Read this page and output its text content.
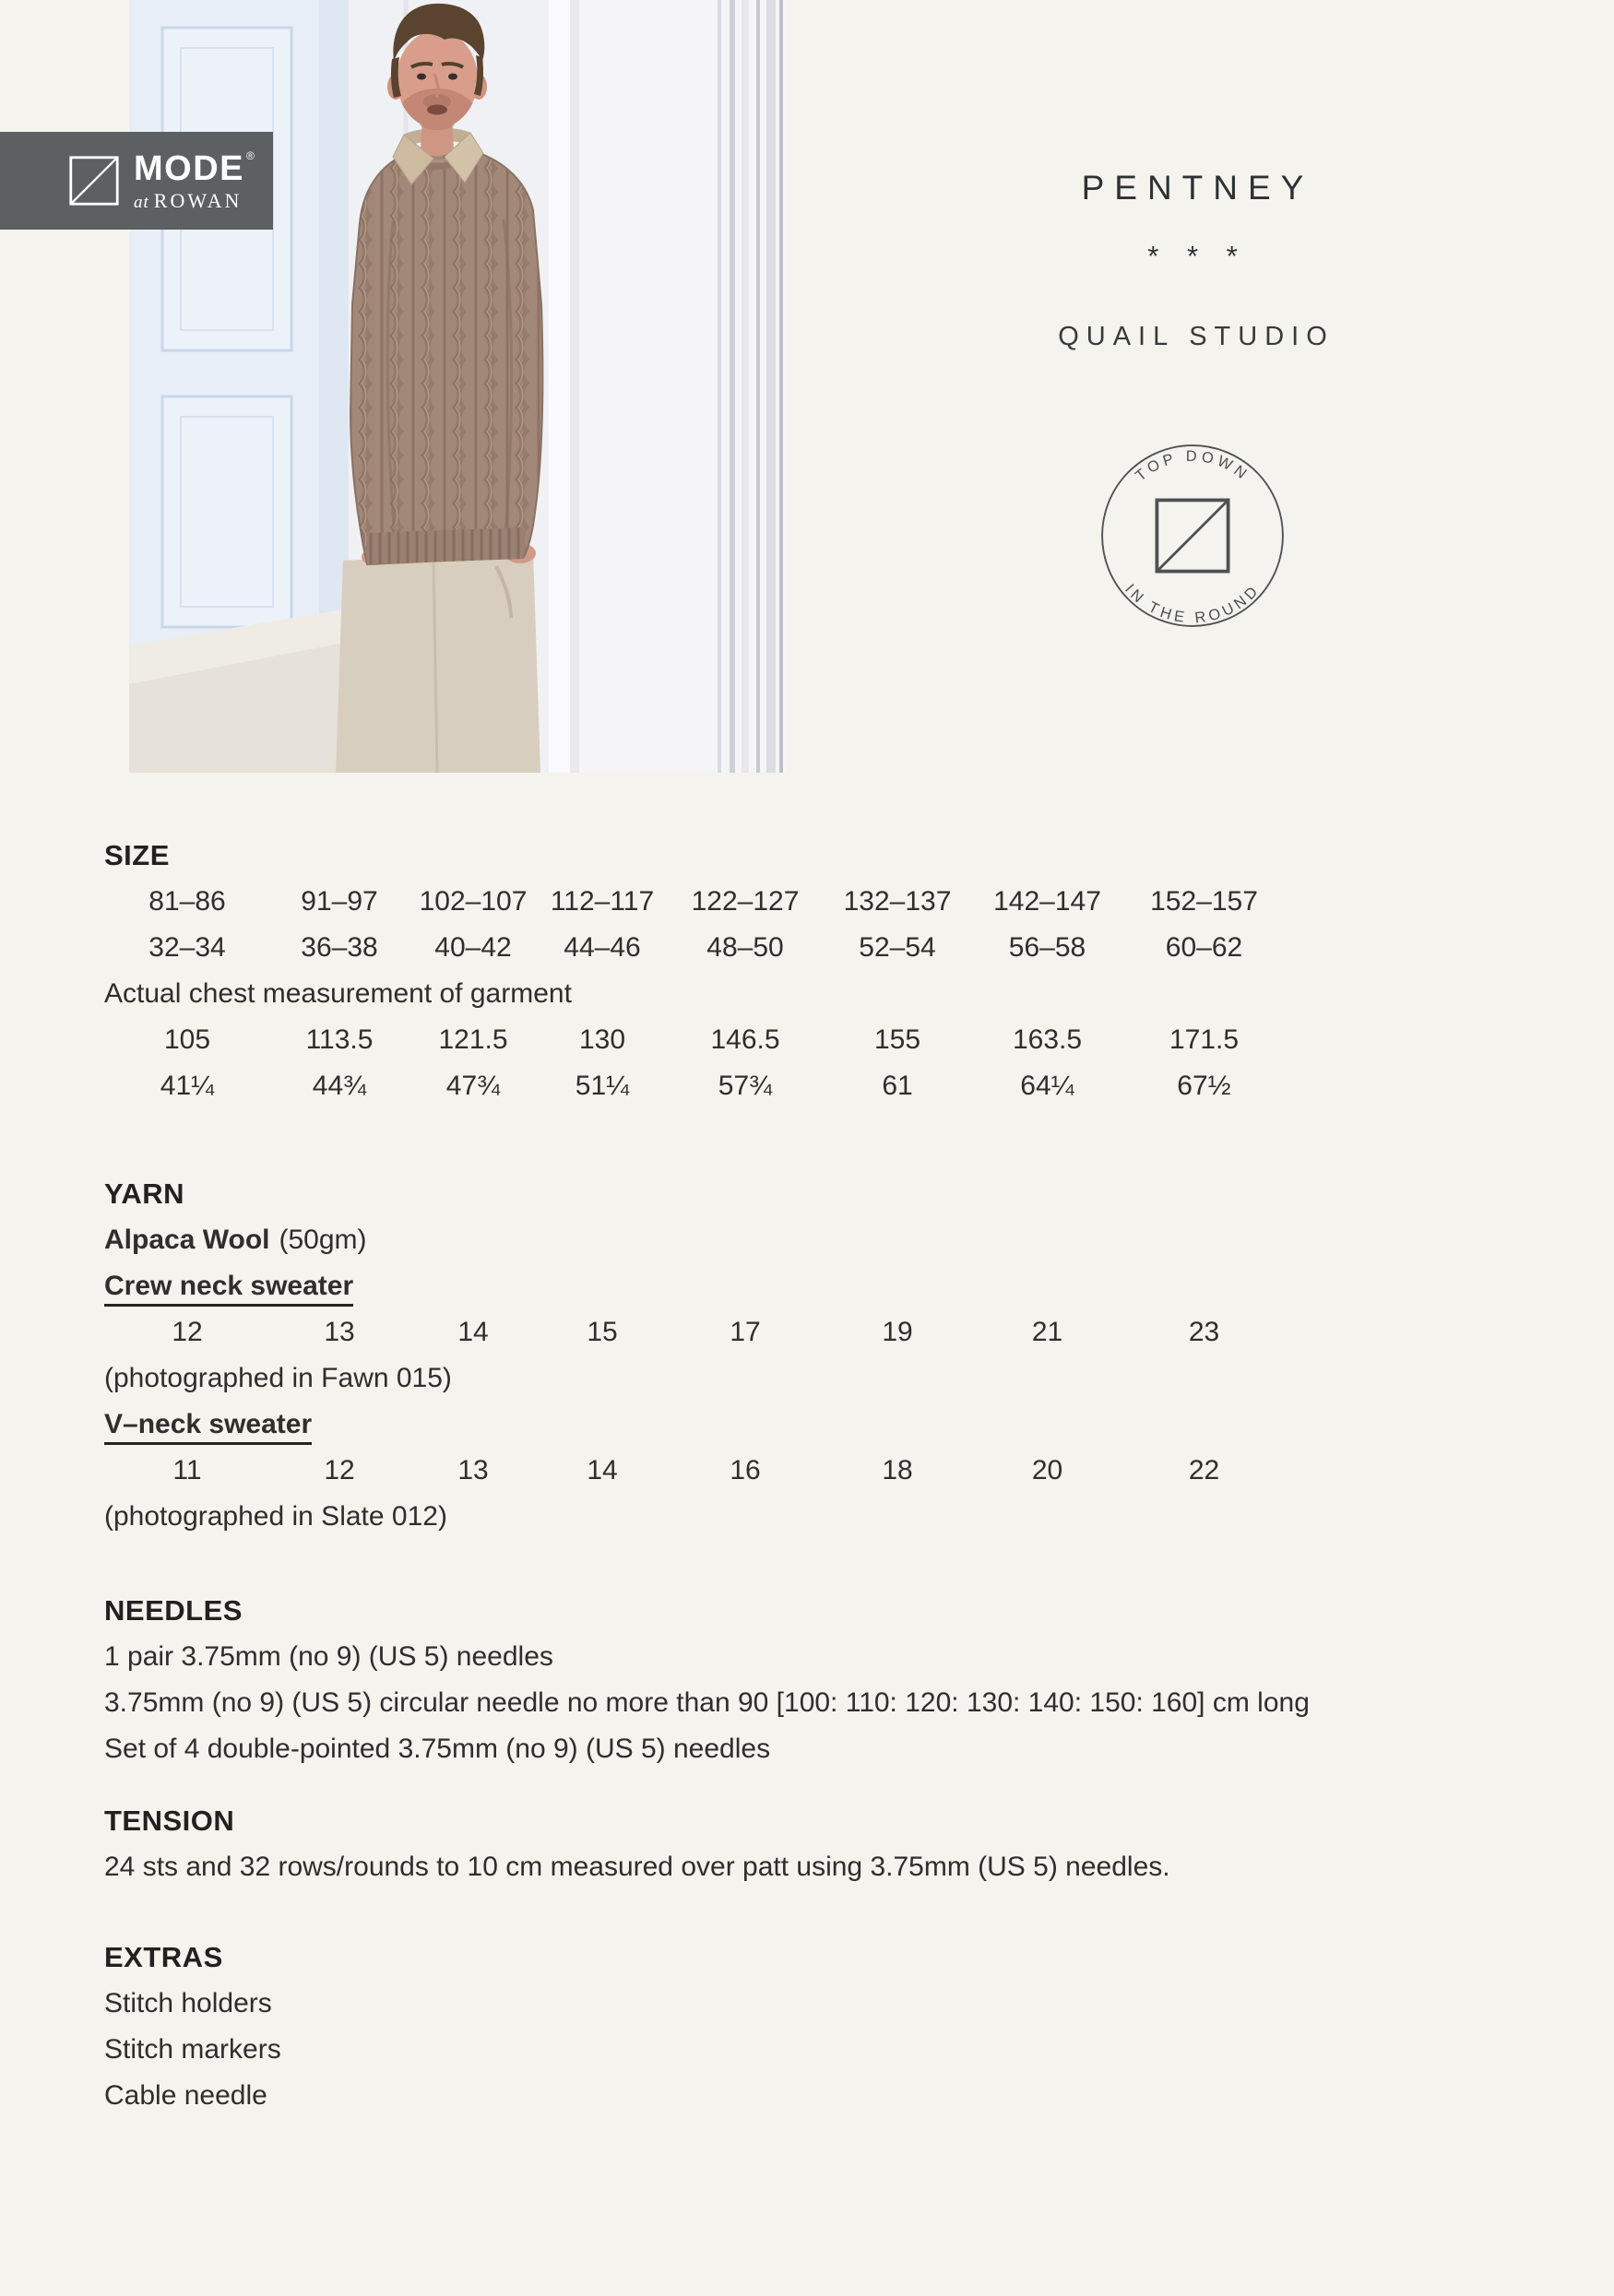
MODE ®
at ROWAN	PENTNEY
* * *
QUAIL STUDIO
TOP DOWN
IN THE ROUND
SIZE
81–86	91–97	102–107 112–117	122–127	132–137	142–147	152–157
32–34	36–38	40–42	44–46	48–50	52–54	56–58	60–62
Actual chest measurement of garment
105	113.5	121.5	130	146.5	155	163.5	171.5
41¼	44¾	47¾	51¼	57¾	61	64¼	67½
YARN
Alpaca Wool (50gm)
Crew neck sweater
12	13	14	15	17	19	21	23
(photographed in Fawn 015)
V–neck sweater
11	12	13	14	16	18	20	22
(photographed in Slate 012)
NEEDLES
1 pair 3.75mm (no 9) (US 5) needles
3.75mm (no 9) (US 5) circular needle no more than 90 [100: 110: 120: 130: 140: 150: 160] cm long
Set of 4 double-pointed 3.75mm (no 9) (US 5) needles
TENSION
24 sts and 32 rows/rounds to 10 cm measured over patt using 3.75mm (US 5) needles.
EXTRAS
Stitch holders
Stitch markers
Cable needle
